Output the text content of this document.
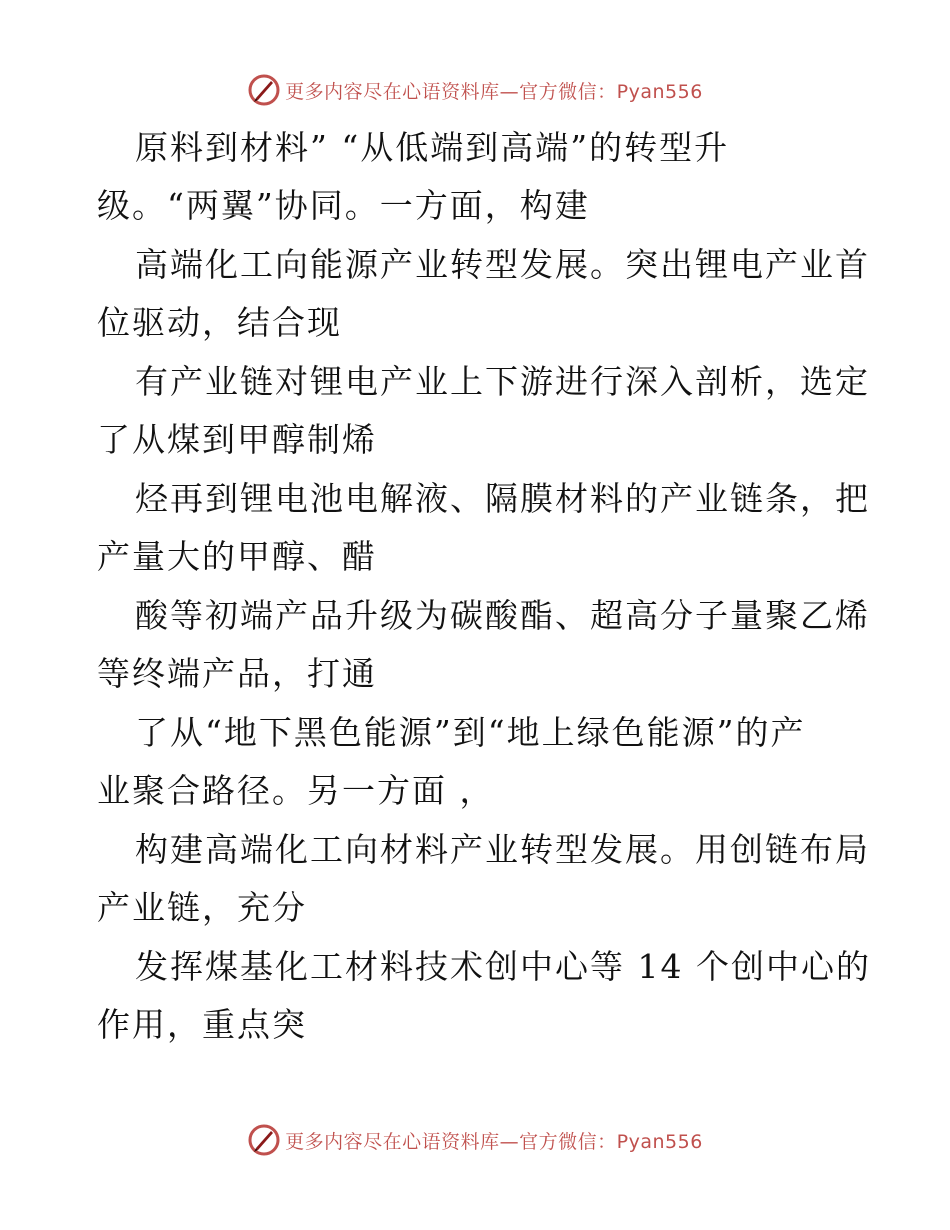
更多内容尽在心语资料库—官方微信：Pyan556
原料到材料” “从低端到高端”的转型升
级。“两翼”协同。一方面，构建
高端化工向能源产业转型发展。突出锂电产业首
位驱动，结合现
有产业链对锂电产业上下游进行深入剖析，选定
了从煤到甲醇制烯
烃再到锂电池电解液、隔膜材料的产业链条，把
产量大的甲醇、醋
酸等初端产品升级为碳酸酯、超高分子量聚乙烯
等终端产品，打通
了从“地下黑色能源”到“地上绿色能源”的产
业聚合路径。另一方面 ，
构建高端化工向材料产业转型发展。用创链布局
产业链，充分
发挥煤基化工材料技术创中心等 14 个创中心的
作用，重点突
更多内容尽在心语资料库—官方微信：Pyan556
